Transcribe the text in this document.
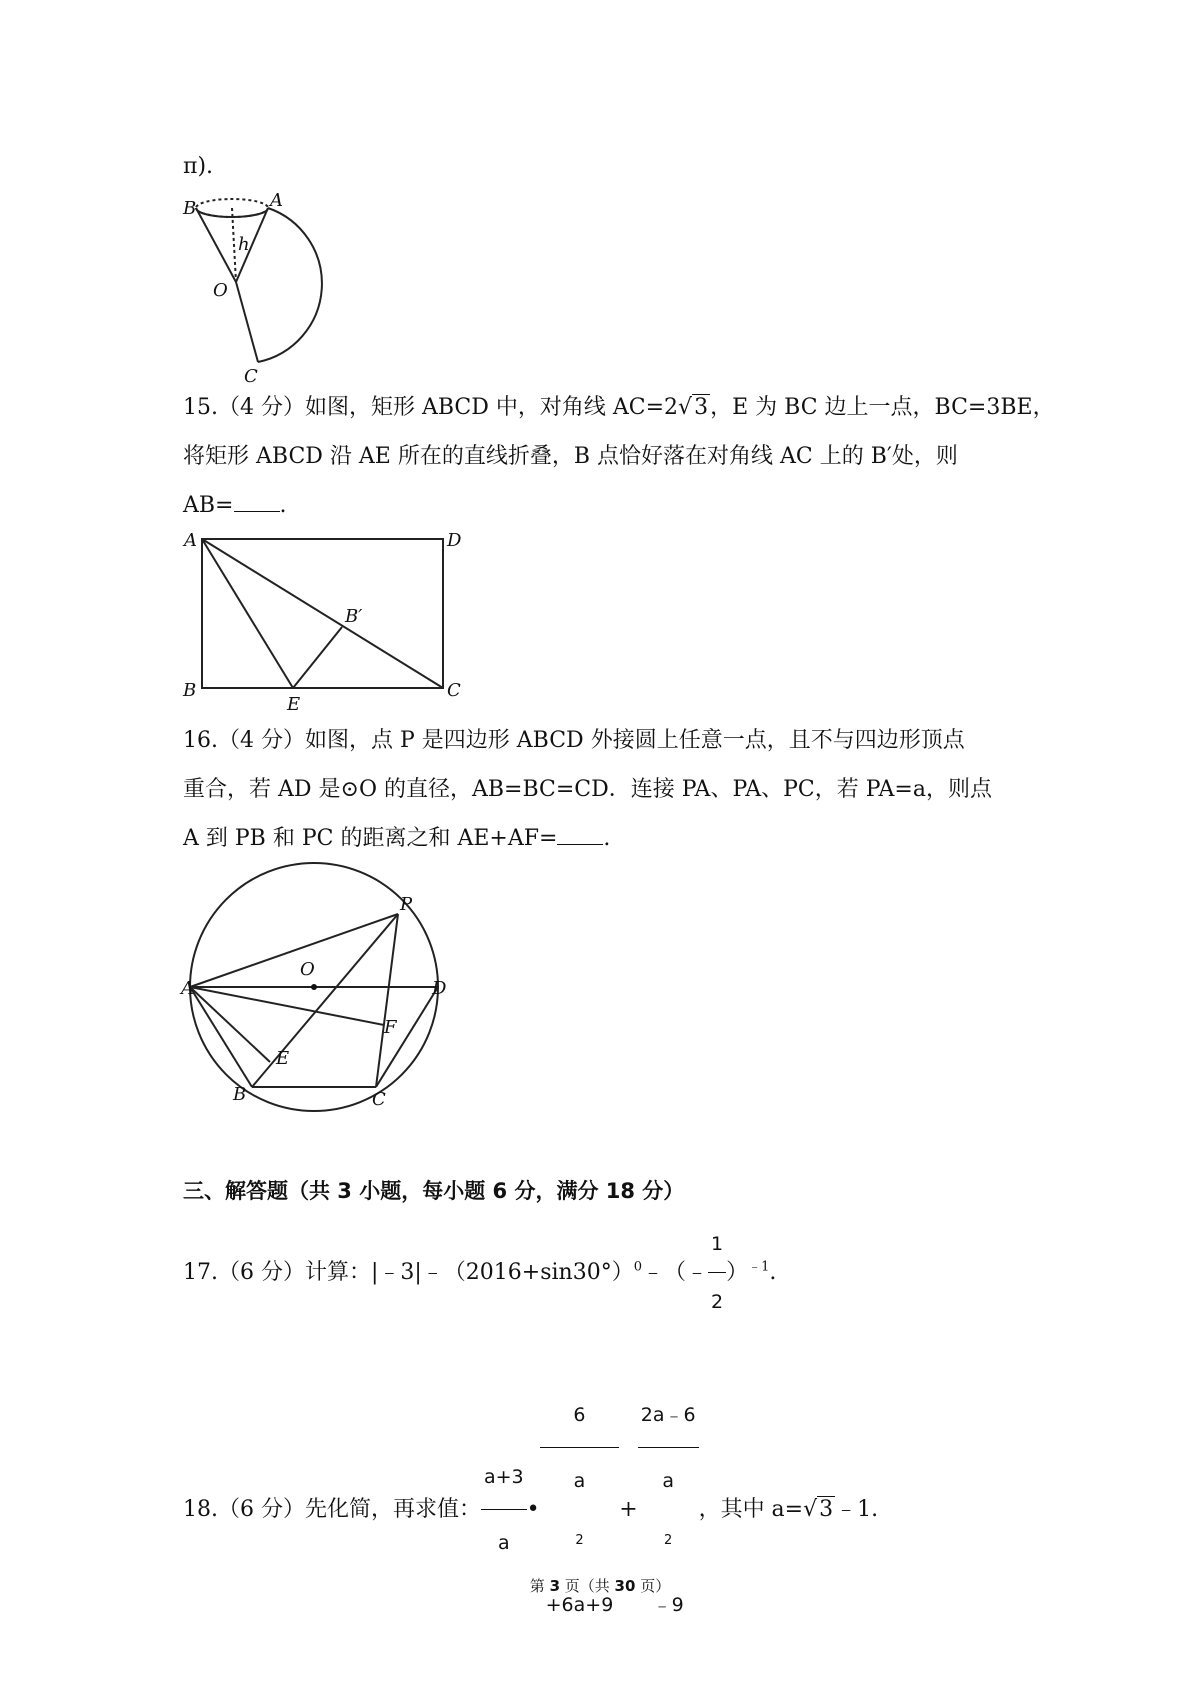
π).
B	A
h
O
C
15.（4 分）如图，矩形 ABCD 中，对角线 AC=2√3，E 为 BC 边上一点，BC=3BE，
将矩形 ABCD 沿 AE 所在的直线折叠，B 点恰好落在对角线 AC 上的 B′处，则
AB= .
A	D
B
E
C
B′
16.（4 分）如图，点 P 是四边形 ABCD 外接圆上任意一点，且不与四边形顶点
重合，若 AD 是⊙O 的直径，AB=BC=CD．连接 PA、PA、PC，若 PA=a，则点
A 到 PB 和 PC 的距离之和 AE+AF= .
P
O
A	D
F
E
B	C
三、解答题（共 3 小题，每小题 6 分，满分 18 分）
17.（6 分）计算：$|﹣3|﹣(2016+\sin 30^\circ)^0﹣(﹣ \frac{1}{2} )^{﹣1}$.
18.（6 分）先化简，再求值： $\frac{a+3}{a}$ • 6
a
$^2$
+6a+9 + 2a﹣6
a
$^2$
﹣9 ，其中 a=√3﹣1.
第 3 页（共 30 页）
